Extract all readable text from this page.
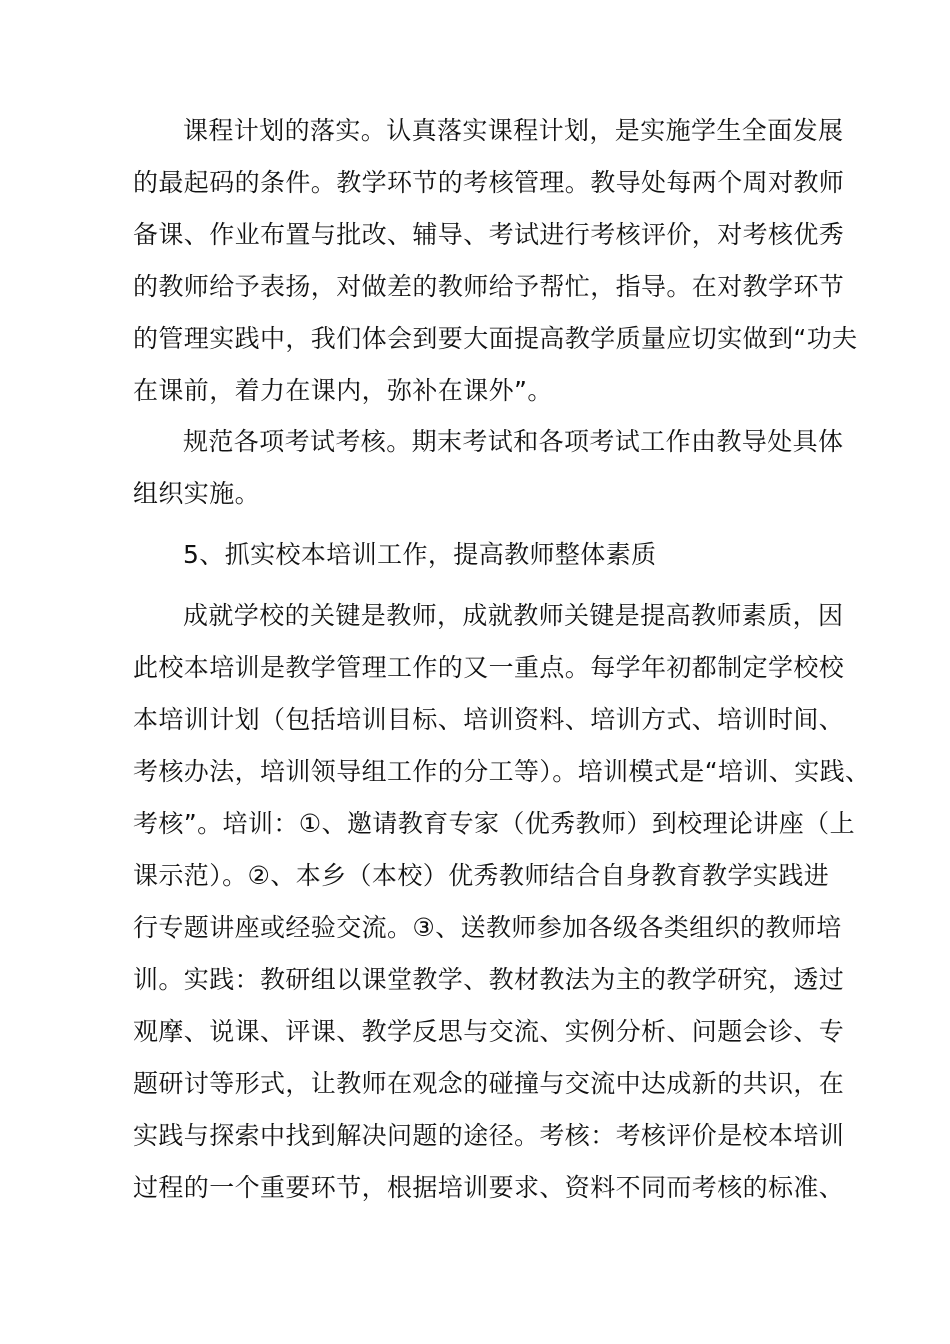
课程计划的落实。认真落实课程计划，是实施学生全面发展
的最起码的条件。教学环节的考核管理。教导处每两个周对教师
备课、作业布置与批改、辅导、考试进行考核评价，对考核优秀
的教师给予表扬，对做差的教师给予帮忙，指导。在对教学环节
的管理实践中，我们体会到要大面提高教学质量应切实做到“功夫
在课前，着力在课内，弥补在课外”。
规范各项考试考核。期末考试和各项考试工作由教导处具体
组织实施。
5、抓实校本培训工作，提高教师整体素质
成就学校的关键是教师，成就教师关键是提高教师素质，因
此校本培训是教学管理工作的又一重点。每学年初都制定学校校
本培训计划（包括培训目标、培训资料、培训方式、培训时间、
考核办法，培训领导组工作的分工等）。培训模式是“培训、实践、
考核”。培训：①、邀请教育专家（优秀教师）到校理论讲座（上
课示范）。②、本乡（本校）优秀教师结合自身教育教学实践进
行专题讲座或经验交流。③、送教师参加各级各类组织的教师培
训。实践：教研组以课堂教学、教材教法为主的教学研究，透过
观摩、说课、评课、教学反思与交流、实例分析、问题会诊、专
题研讨等形式，让教师在观念的碰撞与交流中达成新的共识，在
实践与探索中找到解决问题的途径。考核：考核评价是校本培训
过程的一个重要环节，根据培训要求、资料不同而考核的标准、
